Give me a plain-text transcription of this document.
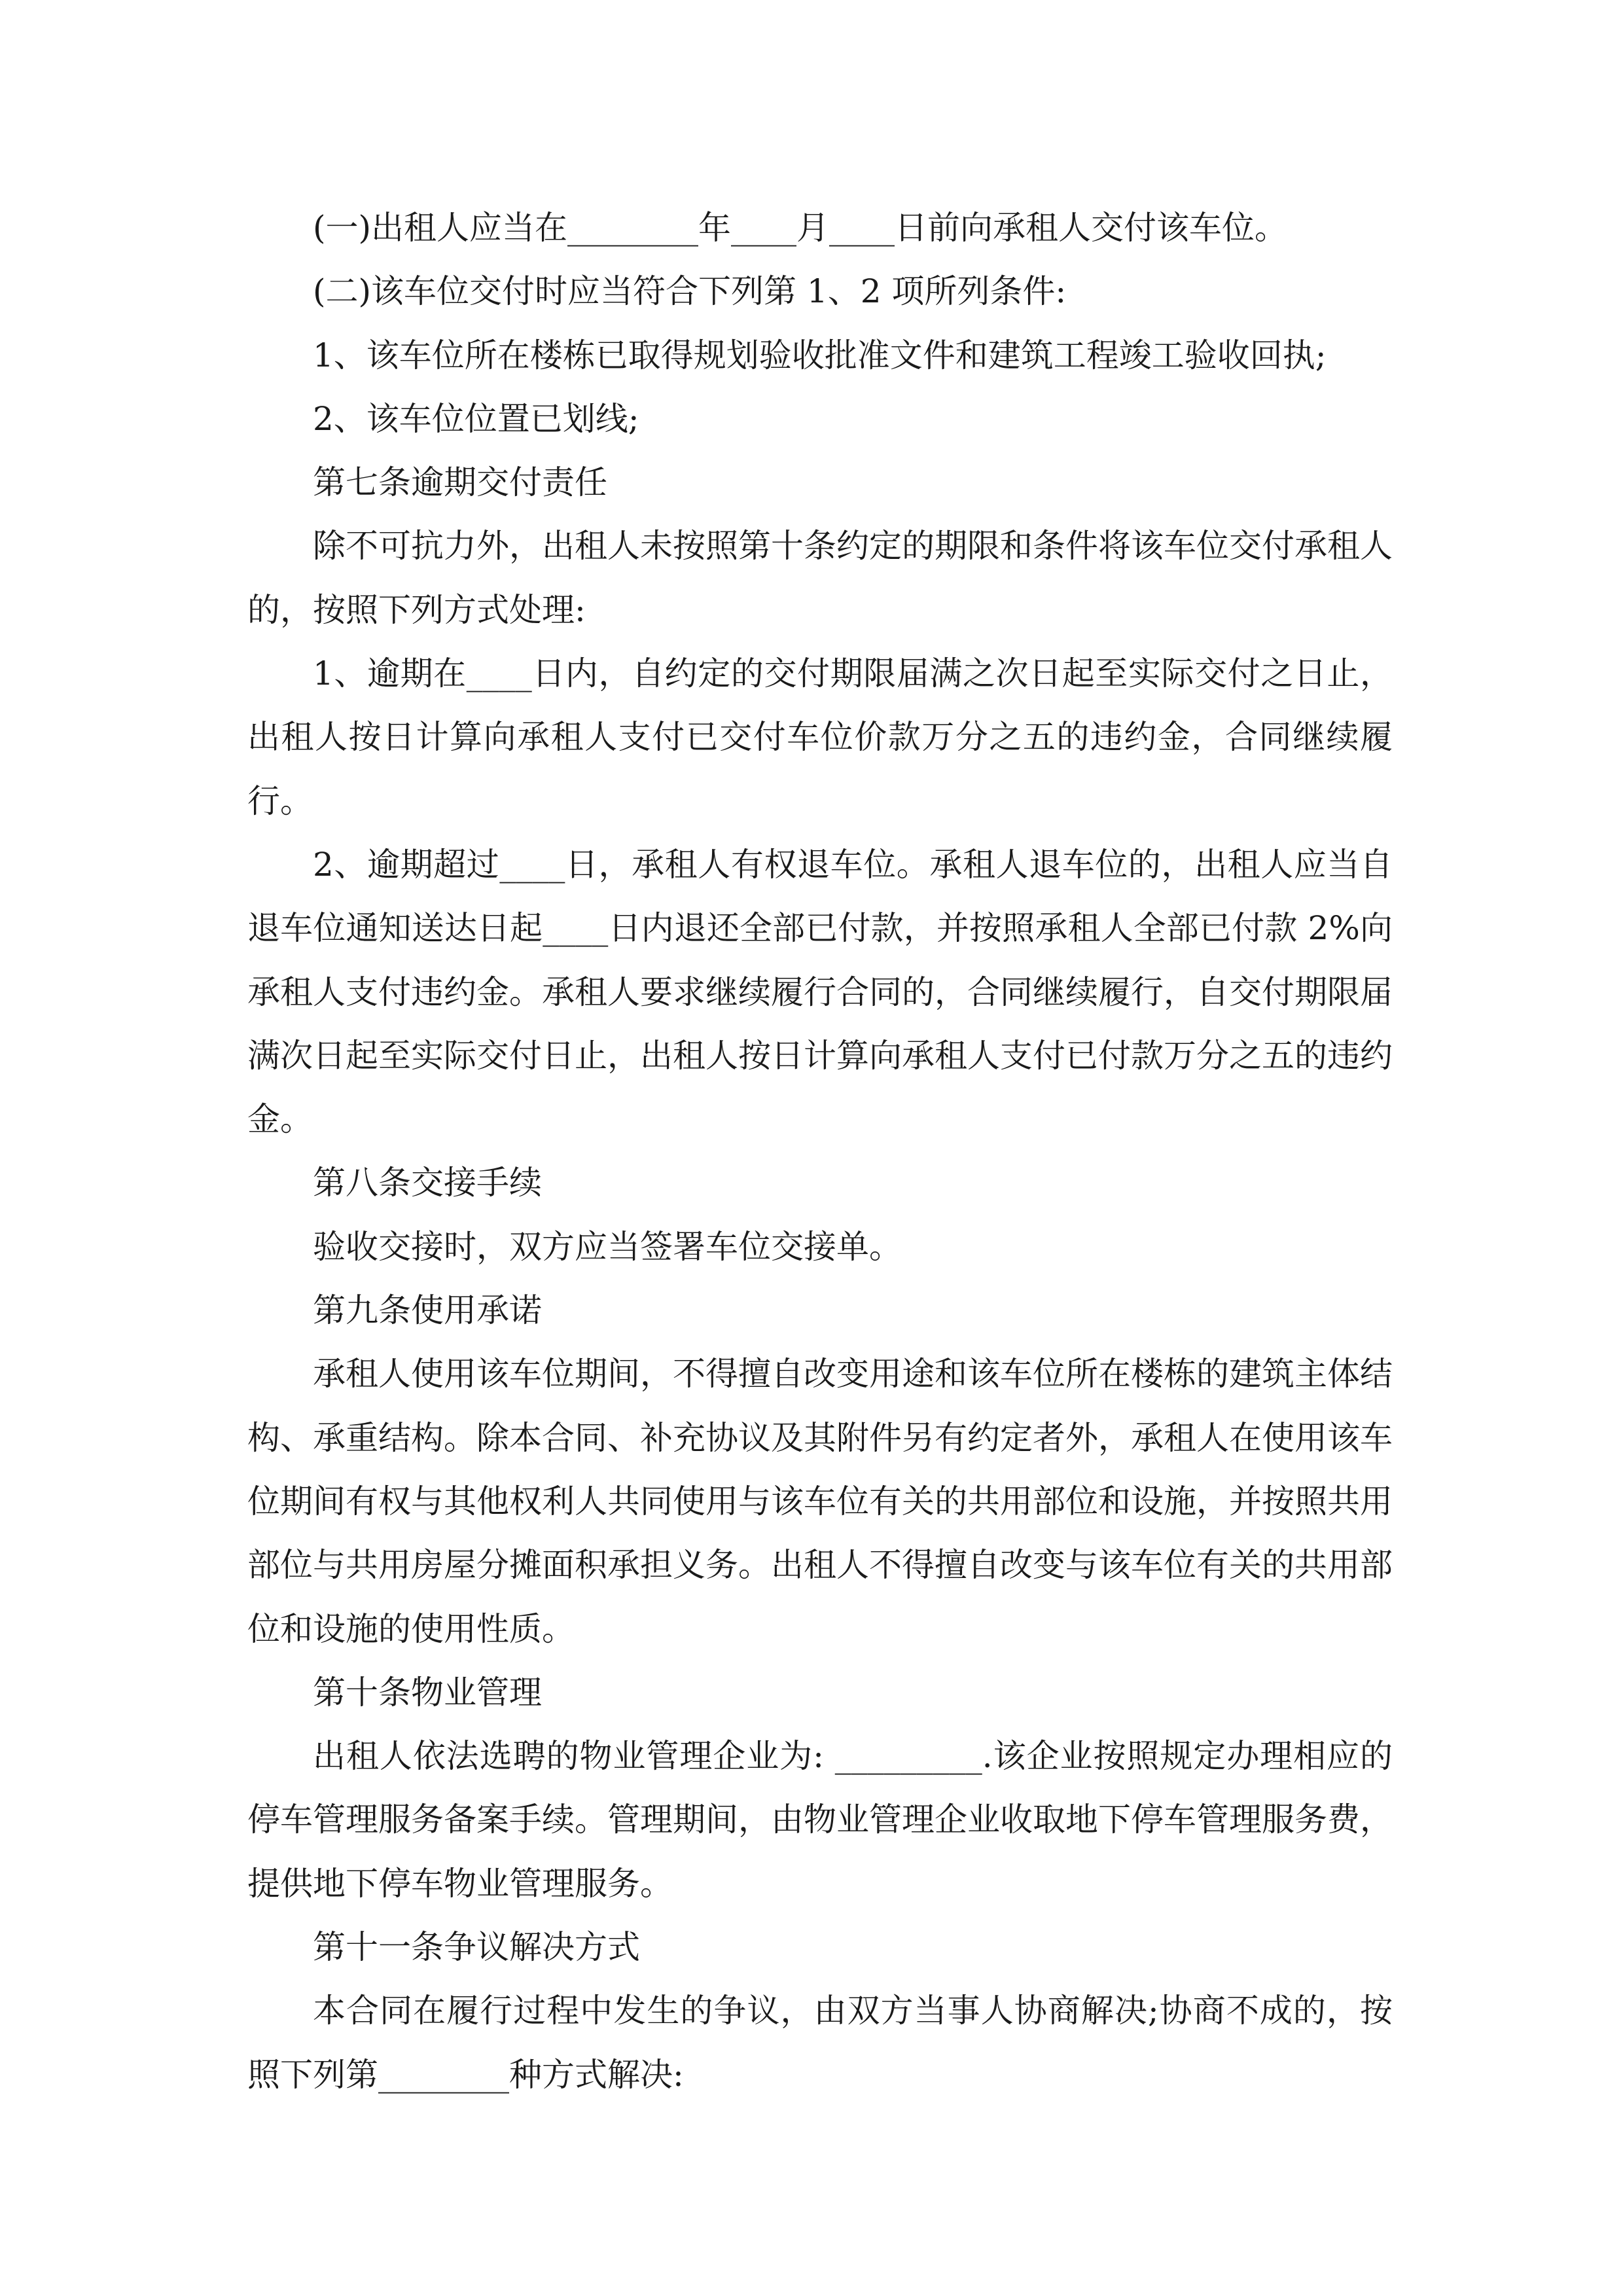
(一)出租人应当在________年____月____日前向承租人交付该车位。

(二)该车位交付时应当符合下列第 1、2 项所列条件:

1、该车位所在楼栋已取得规划验收批准文件和建筑工程竣工验收回执;

2、该车位位置已划线;

第七条逾期交付责任

除不可抗力外，出租人未按照第十条约定的期限和条件将该车位交付承租人的，按照下列方式处理:

1、逾期在____日内，自约定的交付期限届满之次日起至实际交付之日止，出租人按日计算向承租人支付已交付车位价款万分之五的违约金，合同继续履行。

2、逾期超过____日，承租人有权退车位。承租人退车位的，出租人应当自退车位通知送达日起____日内退还全部已付款，并按照承租人全部已付款 2%向承租人支付违约金。承租人要求继续履行合同的，合同继续履行，自交付期限届满次日起至实际交付日止，出租人按日计算向承租人支付已付款万分之五的违约金。

第八条交接手续

验收交接时，双方应当签署车位交接单。

第九条使用承诺

承租人使用该车位期间，不得擅自改变用途和该车位所在楼栋的建筑主体结构、承重结构。除本合同、补充协议及其附件另有约定者外，承租人在使用该车位期间有权与其他权利人共同使用与该车位有关的共用部位和设施，并按照共用部位与共用房屋分摊面积承担义务。出租人不得擅自改变与该车位有关的共用部位和设施的使用性质。

第十条物业管理

出租人依法选聘的物业管理企业为: _________.该企业按照规定办理相应的停车管理服务备案手续。管理期间，由物业管理企业收取地下停车管理服务费，提供地下停车物业管理服务。

第十一条争议解决方式

本合同在履行过程中发生的争议，由双方当事人协商解决;协商不成的，按照下列第________种方式解决:
